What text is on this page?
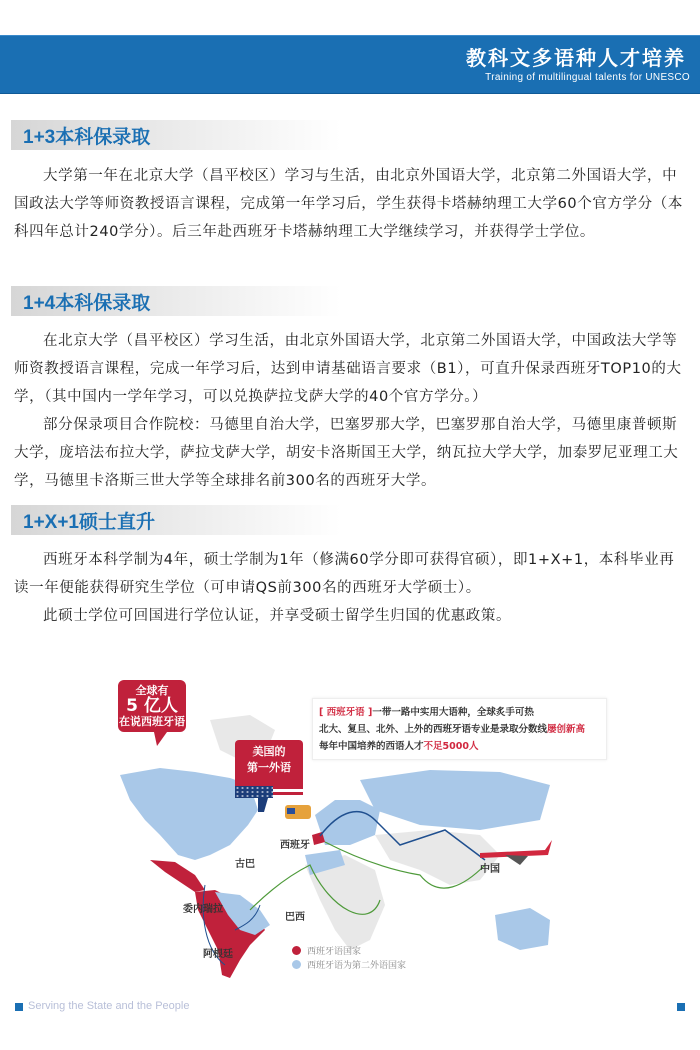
教科文多语种人才培养
Training of multilingual talents for UNESCO
1+3本科保录取

大学第一年在北京大学（昌平校区）学习与生活，由北京外国语大学，北京第二外国语大学，中国政法大学等师资教授语言课程，完成第一年学习后，学生获得卡塔赫纳理工大学60个官方学分（本科四年总计240学分）。后三年赴西班牙卡塔赫纳理工大学继续学习，并获得学士学位。

1+4本科保录取

在北京大学（昌平校区）学习生活，由北京外国语大学，北京第二外国语大学，中国政法大学等师资教授语言课程，完成一年学习后，达到申请基础语言要求（B1），可直升保录西班牙TOP10的大学，（其中国内一学年学习，可以兑换萨拉戈萨大学的40个官方学分。）

部分保录项目合作院校：马德里自治大学，巴塞罗那大学，巴塞罗那自治大学，马德里康普顿斯大学，庞培法布拉大学，萨拉戈萨大学，胡安卡洛斯国王大学，纳瓦拉大学大学，加泰罗尼亚理工大学，马德里卡洛斯三世大学等全球排名前300名的西班牙大学。

1+X+1硕士直升

西班牙本科学制为4年，硕士学制为1年（修满60学分即可获得官硕），即1+X+1，本科毕业再读一年便能获得研究生学位（可申请QS前300名的西班牙大学硕士）。

此硕士学位可回国进行学位认证，并享受硕士留学生归国的优惠政策。

全球有
5 亿人
在说西班牙语
美国的
第一外语
[ 西班牙语 ]一带一路中实用大语种，全球炙手可热
北大、复旦、北外、上外的西班牙语专业是录取分数线屡创新高
每年中国培养的西语人才不足5000人
西班牙
古巴
委内瑞拉
巴西
阿根廷
中国
西班牙语国家
西班牙语为第二外语国家
Serving the State and the People
